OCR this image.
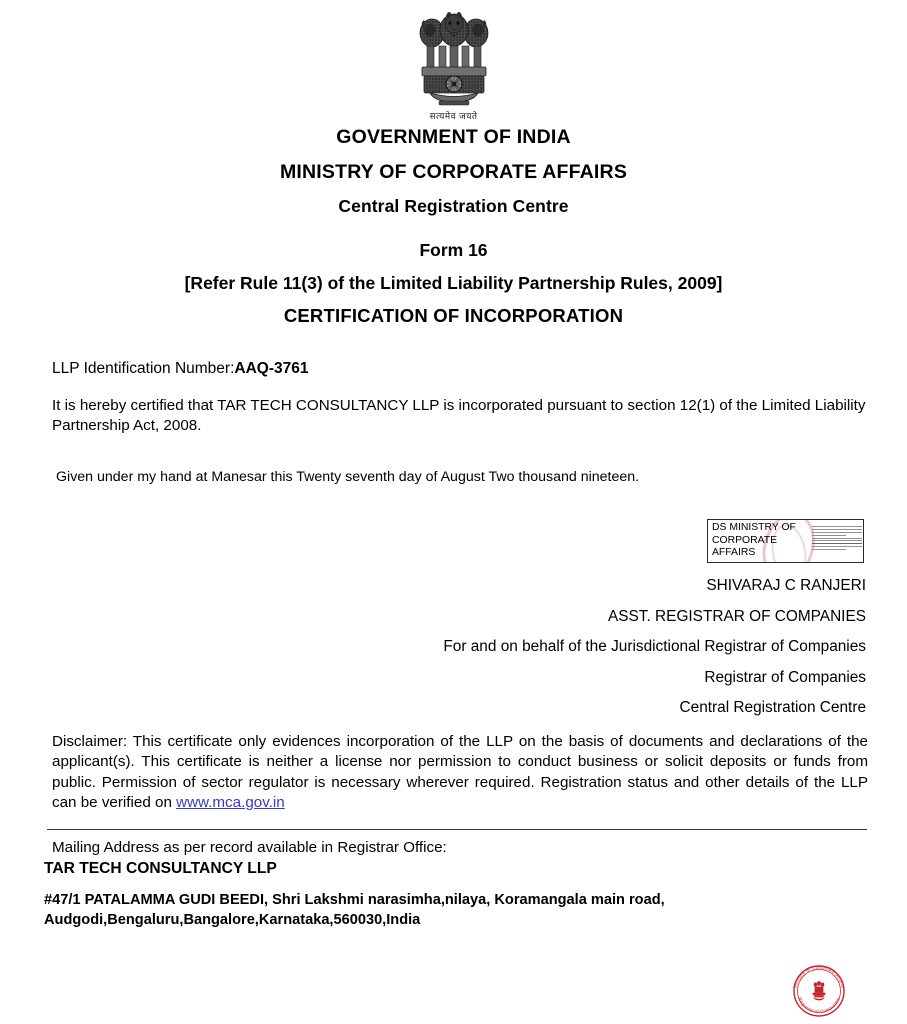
सत्यमेव जयते
GOVERNMENT OF INDIA
MINISTRY OF CORPORATE AFFAIRS
Central Registration Centre
Form 16
[Refer Rule 11(3) of the Limited Liability Partnership Rules, 2009]
CERTIFICATION OF INCORPORATION
LLP Identification Number:AAQ-3761
It is hereby certified that TAR TECH CONSULTANCY LLP is incorporated pursuant to section 12(1) of the Limited Liability Partnership Act, 2008.
Given under my hand at Manesar this Twenty seventh day of August Two thousand nineteen.
DS MINISTRY OF CORPORATE AFFAIRS
SHIVARAJ C RANJERI
ASST. REGISTRAR OF COMPANIES
For and on behalf of the Jurisdictional Registrar of Companies
Registrar of Companies
Central Registration Centre
Disclaimer: This certificate only evidences incorporation of the LLP on the basis of documents and declarations of the applicant(s). This certificate is neither a license nor permission to conduct business or solicit deposits or funds from public. Permission of sector regulator is necessary wherever required. Registration status and other details of the LLP can be verified on www.mca.gov.in
Mailing Address as per record available in Registrar Office:
TAR TECH CONSULTANCY LLP
#47/1 PATALAMMA GUDI BEEDI, Shri Lakshmi narasimha,nilaya, Koramangala main road,
Audgodi,Bengaluru,Bangalore,Karnataka,560030,India
Ministry of Corporate Affairs
Registrar of Companies
